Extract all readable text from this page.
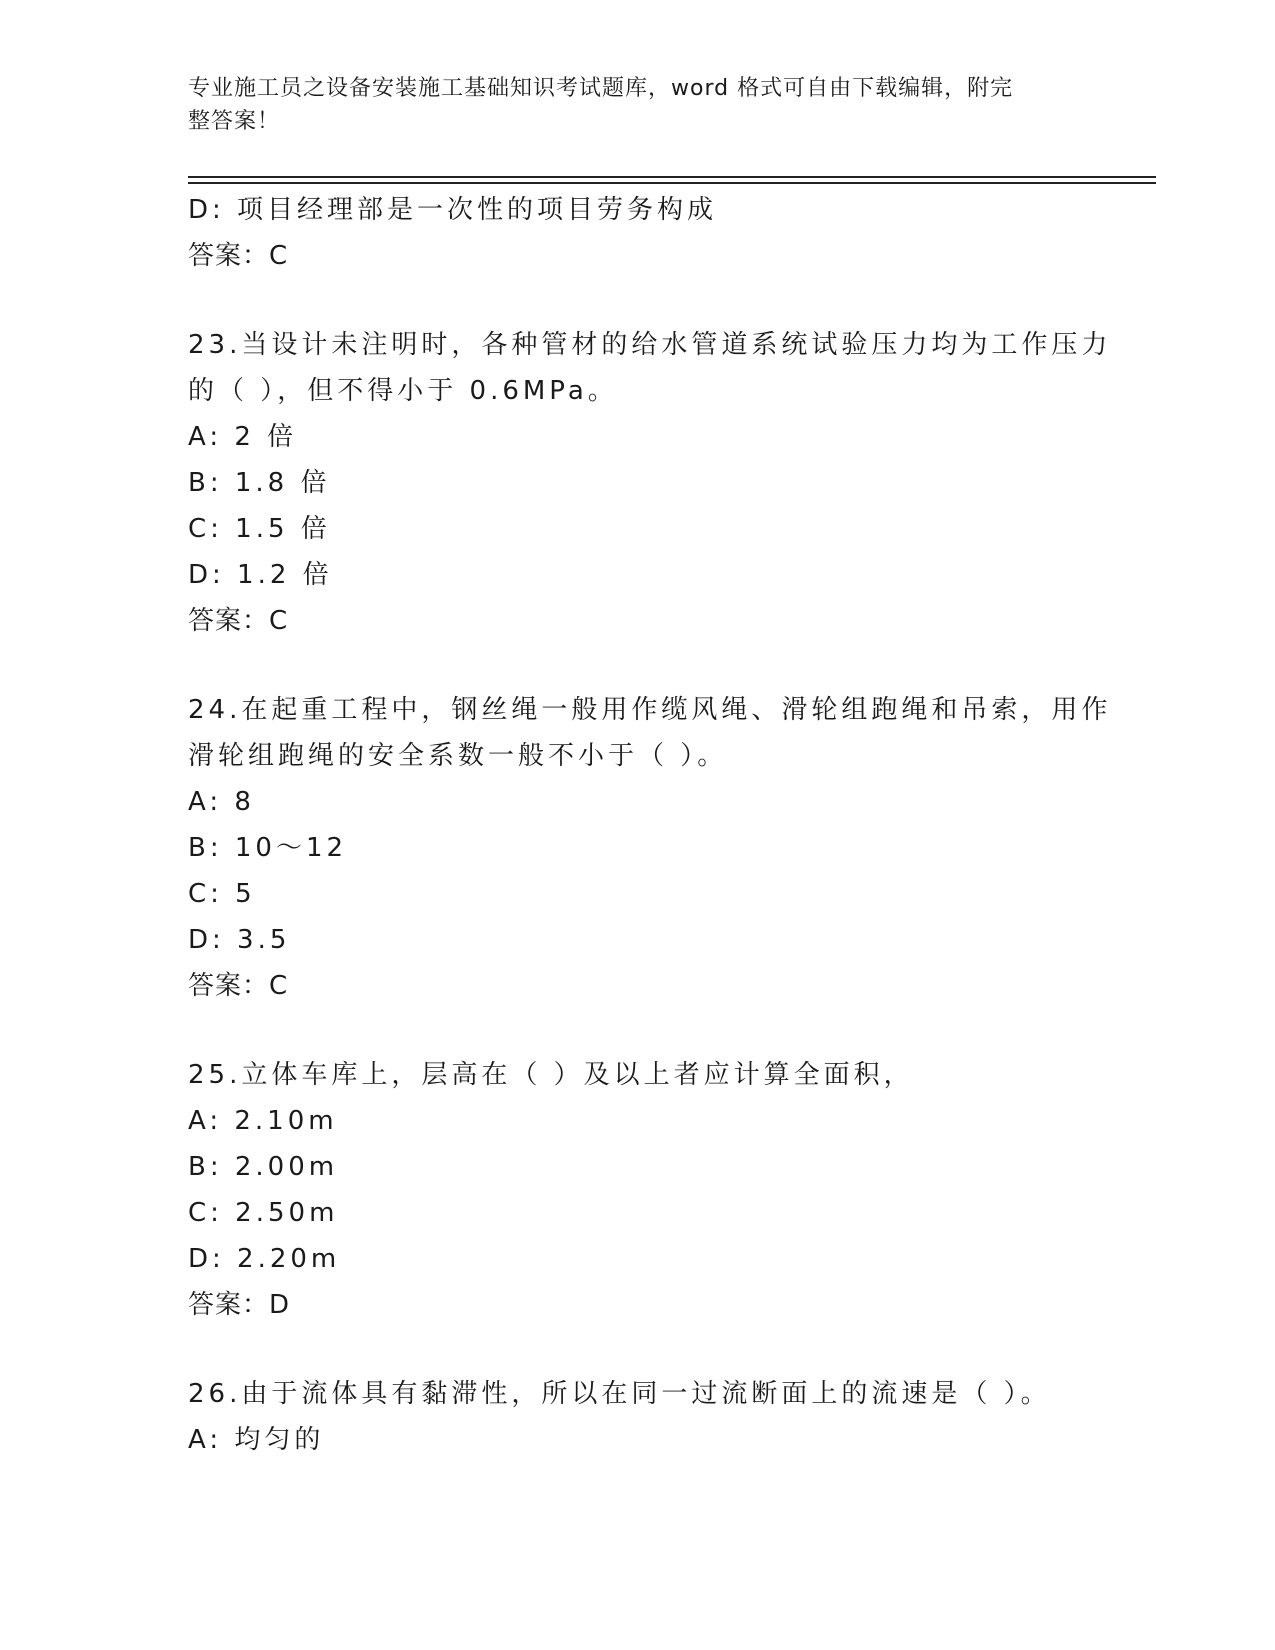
专业施工员之设备安装施工基础知识考试题库，word 格式可自由下载编辑，附完
整答案！

D: 项目经理部是一次性的项目劳务构成

答案：C

23.当设计未注明时，各种管材的给水管道系统试验压力均为工作压力

的（ ），但不得小于 0.6MPa。

A: 2 倍

B: 1.8 倍

C: 1.5 倍

D: 1.2 倍

答案：C

24.在起重工程中，钢丝绳一般用作缆风绳、滑轮组跑绳和吊索，用作

滑轮组跑绳的安全系数一般不小于（ ）。

A: 8

B: 10～12

C: 5

D: 3.5

答案：C

25.立体车库上，层高在（ ）及以上者应计算全面积，

A: 2.10m

B: 2.00m

C: 2.50m

D: 2.20m

答案：D

26.由于流体具有黏滞性，所以在同一过流断面上的流速是（ ）。

A: 均匀的
